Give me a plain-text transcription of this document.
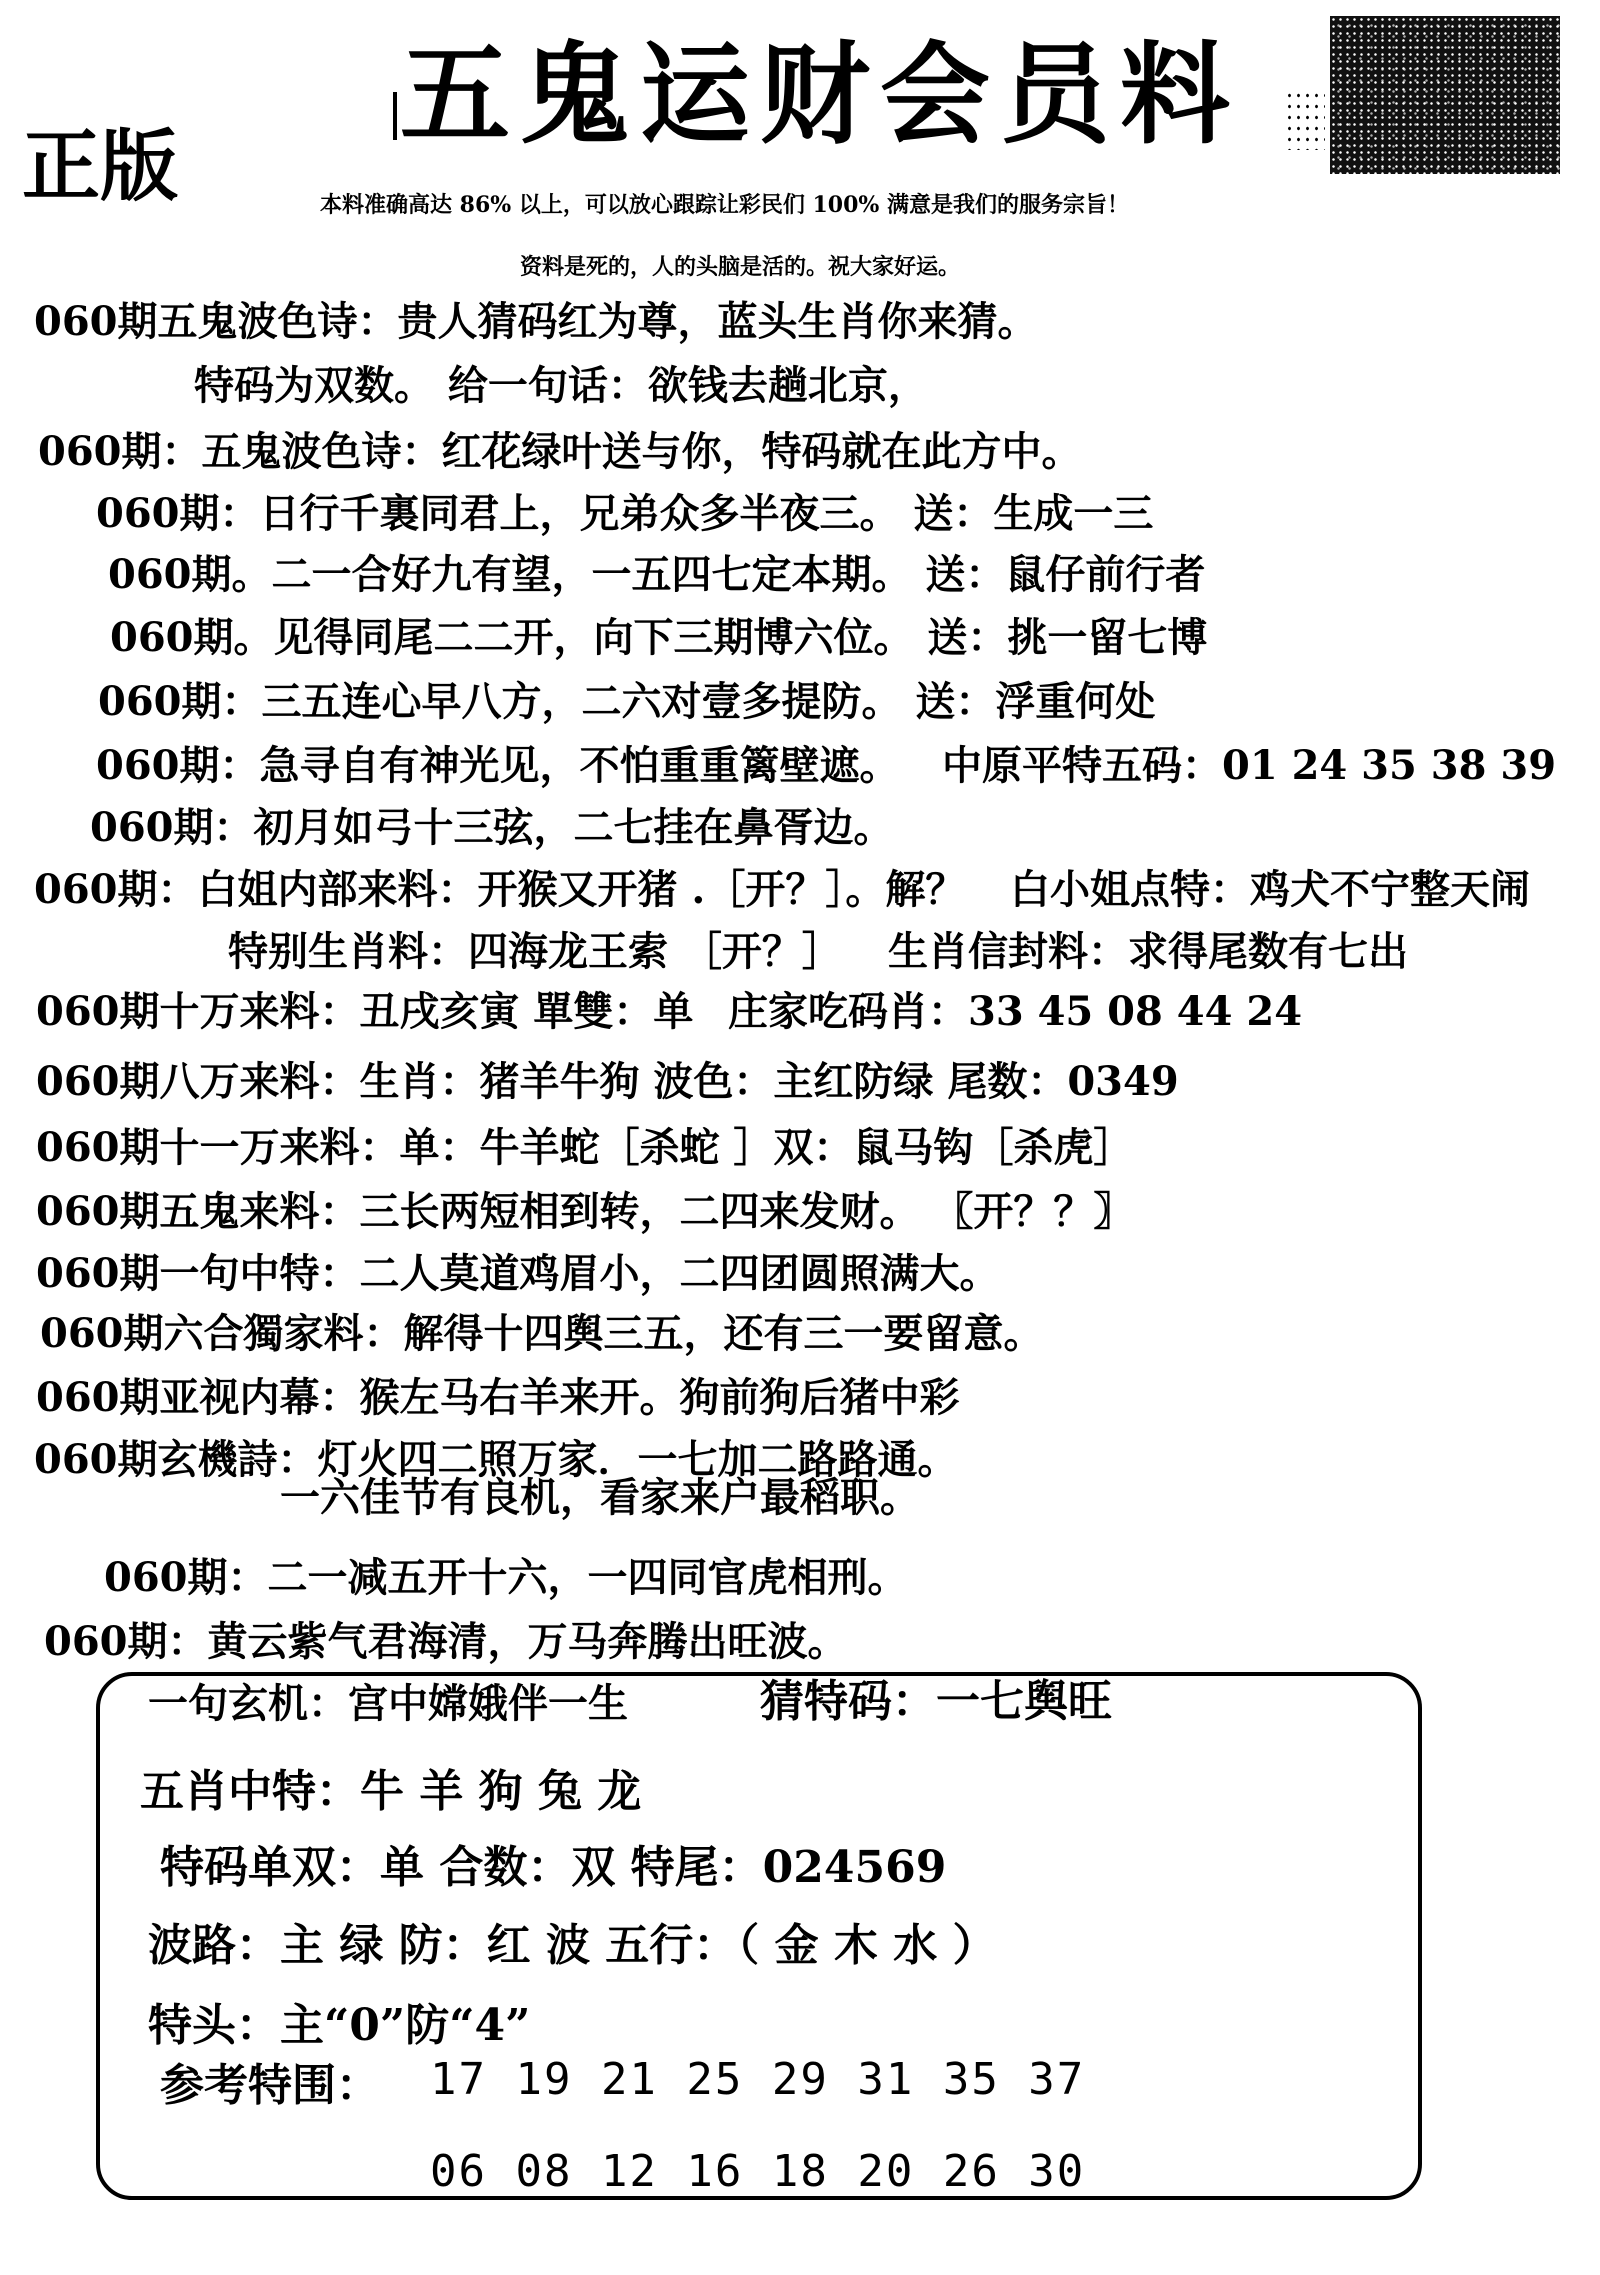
五鬼运财会员料
正版	本料准确高达 86% 以上，可以放心跟踪让彩民们 100% 满意是我们的服务宗旨！
资料是死的，人的头脑是活的。祝大家好运。
060期五鬼波色诗：贵人猜码红为尊，蓝头生肖你来猜。
特码为双数。 给一句话：欲钱去趟北京，
060期：五鬼波色诗：红花绿叶送与你，特码就在此方中。
060期：日行千裏同君上，兄弟众多半夜三。 送：生成一三
060期。二一合好九有望，一五四七定本期。 送：鼠仔前行者
060期。见得同尾二二开，向下三期博六位。 送：挑一留七博
060期：三五连心早八方，二六对壹多提防。 送：浮重何处
060期：急寻自有神光见，不怕重重篱壁遮。 中原平特五码：01 24 35 38 39
060期：初月如弓十三弦，二七挂在鼻胥边。
060期：白姐内部来料：开猴又开猪 .［开？］。解？ 白小姐点特：鸡犬不宁整天闹
特别生肖料：四海龙王索 ［开？］ 生肖信封料：求得尾数有七出
060期十万来料：丑戌亥寅 單雙：单 庄家吃码肖：33 45 08 44 24
060期八万来料：生肖：猪羊牛狗 波色：主红防绿 尾数：0349
060期十一万来料：单：牛羊蛇［杀蛇 ］双：鼠马钩［杀虎］
060期五鬼来料：三长两短相到转，二四来发财。 〖开？？〗
060期一句中特：二人莫道鸡眉小，二四团圆照满大。
060期六合獨家料：解得十四舆三五，还有三一要留意。
060期亚视内幕：猴左马右羊来开。狗前狗后猪中彩
060期玄機詩：灯火四二照万家．一七加二路路通。
一六佳节有良机，看家来户最稻职。
060期：二一减五开十六，一四同官虎相刑。
060期：黄云紫气君海清，万马奔腾出旺波。
一句玄机：宫中嫦娥伴一生	猜特码：一七舆旺
五肖中特：牛 羊 狗 兔 龙
特码单双：单 合数：双 特尾：024569
波路：主 绿 防：红 波 五行：（ 金 木 水 ）
特头：主“0”防“4”
参考特围： 17 19 21 25 29 31 35 37
06 08 12 16 18 20 26 30
